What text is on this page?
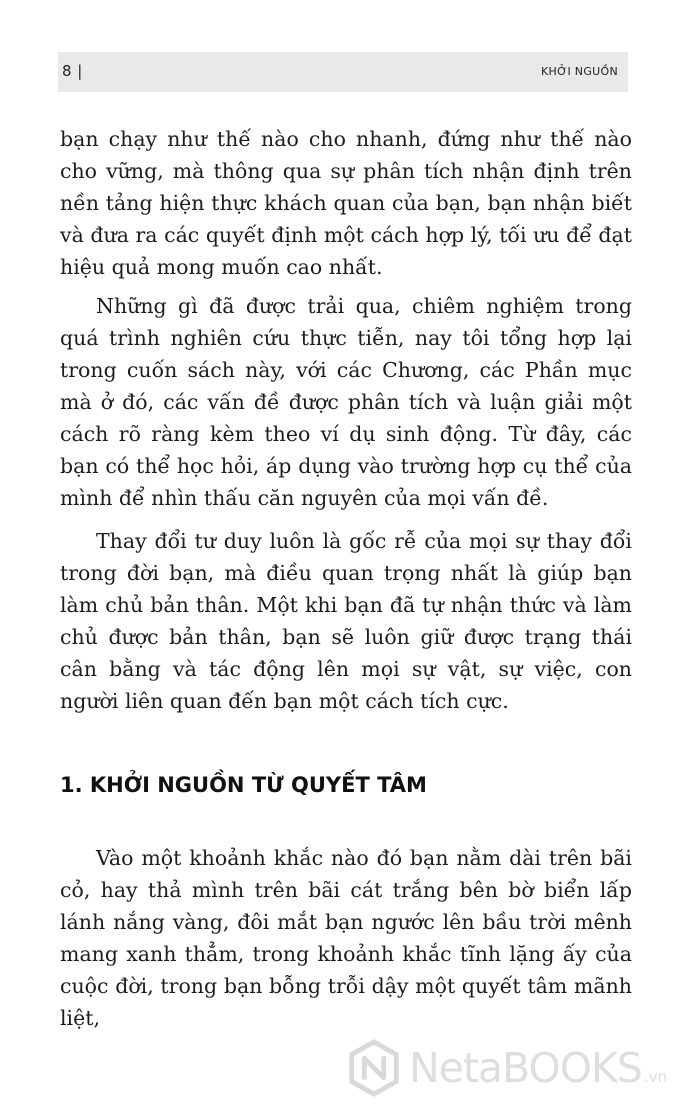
8 |	KHỞI NGUỒN

bạn chạy như thế nào cho nhanh, đứng như thế nào cho vững, mà thông qua sự phân tích nhận định trên nền tảng hiện thực khách quan của bạn, bạn nhận biết và đưa ra các quyết định một cách hợp lý, tối ưu để đạt hiệu quả mong muốn cao nhất.

Những gì đã được trải qua, chiêm nghiệm trong quá trình nghiên cứu thực tiễn, nay tôi tổng hợp lại trong cuốn sách này, với các Chương, các Phần mục mà ở đó, các vấn đề được phân tích và luận giải một cách rõ ràng kèm theo ví dụ sinh động. Từ đây, các bạn có thể học hỏi, áp dụng vào trường hợp cụ thể của mình để nhìn thấu căn nguyên của mọi vấn đề.

Thay đổi tư duy luôn là gốc rễ của mọi sự thay đổi trong đời bạn, mà điều quan trọng nhất là giúp bạn làm chủ bản thân. Một khi bạn đã tự nhận thức và làm chủ được bản thân, bạn sẽ luôn giữ được trạng thái cân bằng và tác động lên mọi sự vật, sự việc, con người liên quan đến bạn một cách tích cực.

1. KHỞI NGUỒN TỪ QUYẾT TÂM

Vào một khoảnh khắc nào đó bạn nằm dài trên bãi cỏ, hay thả mình trên bãi cát trắng bên bờ biển lấp lánh nắng vàng, đôi mắt bạn ngước lên bầu trời mênh mang xanh thẳm, trong khoảnh khắc tĩnh lặng ấy của cuộc đời, trong bạn bỗng trỗi dậy một quyết tâm mãnh liệt,

NetaBOOKS .vn
